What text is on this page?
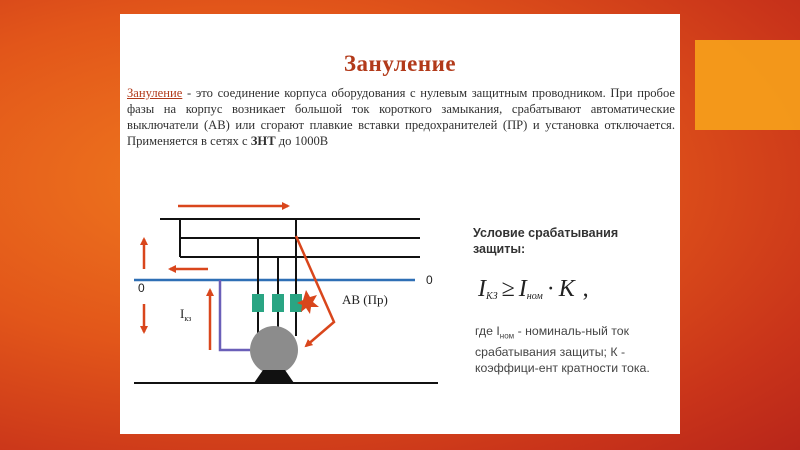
Зануление
Зануление - это соединение корпуса оборудования с нулевым защитным проводником. При пробое фазы на корпус возникает большой ток короткого замыкания, срабатывают автоматические выключатели (АВ) или сгорают плавкие вставки предохранителей (ПР) и установка отключается. Применяется в сетях с ЗНТ до 1000В
0
0
$I_{кз}$
АВ (Пр)
Условие срабатывания защиты:
$I_{КЗ} \ge I_{ном} \cdot К$ ,
где $I_{ном}$ - номиналь-ный ток срабатывания защиты; К - коэффици-ент кратности тока.
